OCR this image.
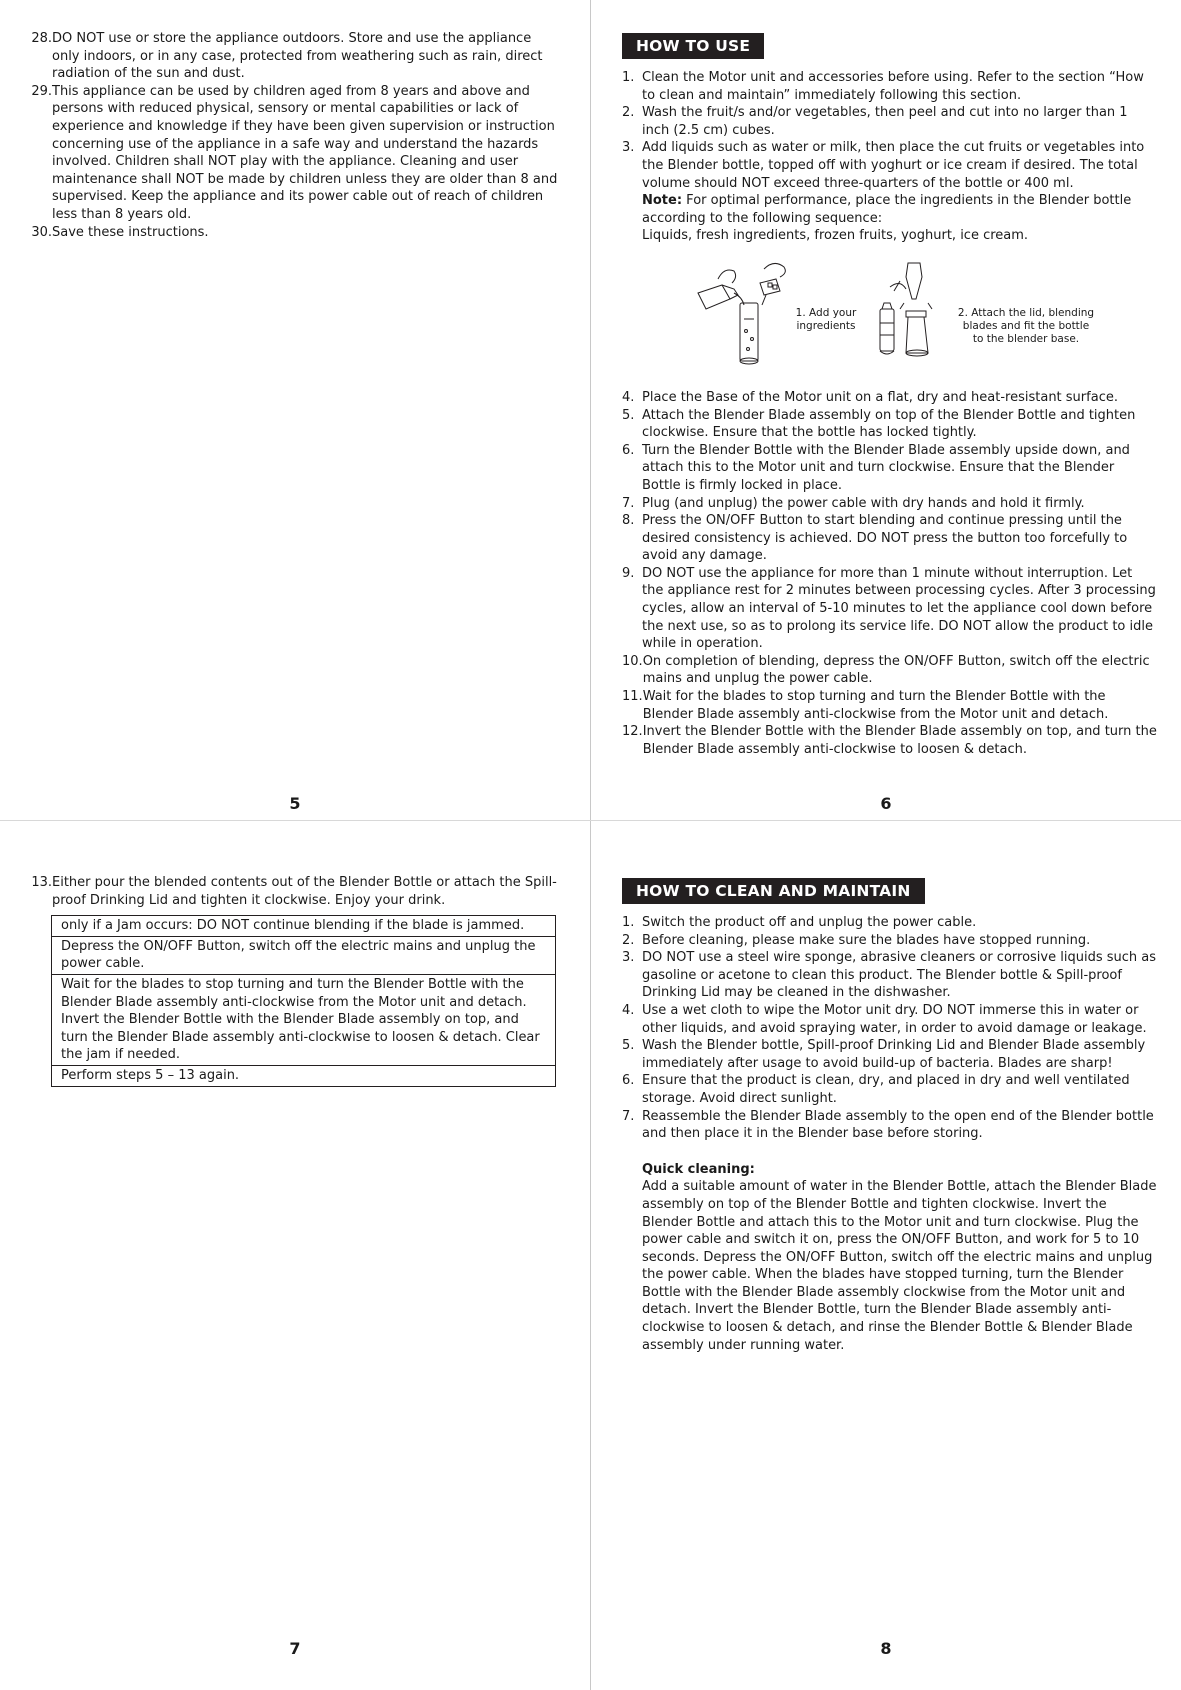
28. DO NOT use or store the appliance outdoors. Store and use the appliance only indoors, or in any case, protected from weathering such as rain, direct radiation of the sun and dust.
29. This appliance can be used by children aged from 8 years and above and persons with reduced physical, sensory or mental capabilities or lack of experience and knowledge if they have been given supervision or instruction concerning use of the appliance in a safe way and understand the hazards involved. Children shall NOT play with the appliance. Cleaning and user maintenance shall NOT be made by children unless they are older than 8 and supervised. Keep the appliance and its power cable out of reach of children less than 8 years old.
30. Save these instructions.
5
HOW TO USE
1. Clean the Motor unit and accessories before using. Refer to the section “How to clean and maintain” immediately following this section.
2. Wash the fruit/s and/or vegetables, then peel and cut into no larger than 1 inch (2.5 cm) cubes.
3. Add liquids such as water or milk, then place the cut fruits or vegetables into the Blender bottle, topped off with yoghurt or ice cream if desired. The total volume should NOT exceed three-quarters of the bottle or 400 ml.
Note: For optimal performance, place the ingredients in the Blender bottle according to the following sequence:
Liquids, fresh ingredients, frozen fruits, yoghurt, ice cream.
1. Add your ingredients
2. Attach the lid, blending blades and fit the bottle to the blender base.
4. Place the Base of the Motor unit on a flat, dry and heat-resistant surface.
5. Attach the Blender Blade assembly on top of the Blender Bottle and tighten clockwise. Ensure that the bottle has locked tightly.
6. Turn the Blender Bottle with the Blender Blade assembly upside down, and attach this to the Motor unit and turn clockwise. Ensure that the Blender Bottle is firmly locked in place.
7. Plug (and unplug) the power cable with dry hands and hold it firmly.
8. Press the ON/OFF Button to start blending and continue pressing until the desired consistency is achieved. DO NOT press the button too forcefully to avoid any damage.
9. DO NOT use the appliance for more than 1 minute without interruption. Let the appliance rest for 2 minutes between processing cycles. After 3 processing cycles, allow an interval of 5-10 minutes to let the appliance cool down before the next use, so as to prolong its service life. DO NOT allow the product to idle while in operation.
10. On completion of blending, depress the ON/OFF Button, switch off the electric mains and unplug the power cable.
11. Wait for the blades to stop turning and turn the Blender Bottle with the Blender Blade assembly anti-clockwise from the Motor unit and detach.
12. Invert the Blender Bottle with the Blender Blade assembly on top, and turn the Blender Blade assembly anti-clockwise to loosen & detach.
6
13. Either pour the blended contents out of the Blender Bottle or attach the Spill-proof Drinking Lid and tighten it clockwise. Enjoy your drink.
only if a Jam occurs: DO NOT continue blending if the blade is jammed.
Depress the ON/OFF Button, switch off the electric mains and unplug the power cable.
Wait for the blades to stop turning and turn the Blender Bottle with the Blender Blade assembly anti-clockwise from the Motor unit and detach. Invert the Blender Bottle with the Blender Blade assembly on top, and turn the Blender Blade assembly anti-clockwise to loosen & detach. Clear the jam if needed.
Perform steps 5 – 13 again.
7
HOW TO CLEAN AND MAINTAIN
1. Switch the product off and unplug the power cable.
2. Before cleaning, please make sure the blades have stopped running.
3. DO NOT use a steel wire sponge, abrasive cleaners or corrosive liquids such as gasoline or acetone to clean this product. The Blender bottle & Spill-proof Drinking Lid may be cleaned in the dishwasher.
4. Use a wet cloth to wipe the Motor unit dry. DO NOT immerse this in water or other liquids, and avoid spraying water, in order to avoid damage or leakage.
5. Wash the Blender bottle, Spill-proof Drinking Lid and Blender Blade assembly immediately after usage to avoid build-up of bacteria. Blades are sharp!
6. Ensure that the product is clean, dry, and placed in dry and well ventilated storage. Avoid direct sunlight.
7. Reassemble the Blender Blade assembly to the open end of the Blender bottle and then place it in the Blender base before storing.
Quick cleaning:
Add a suitable amount of water in the Blender Bottle, attach the Blender Blade assembly on top of the Blender Bottle and tighten clockwise. Invert the Blender Bottle and attach this to the Motor unit and turn clockwise. Plug the power cable and switch it on, press the ON/OFF Button, and work for 5 to 10 seconds. Depress the ON/OFF Button, switch off the electric mains and unplug the power cable. When the blades have stopped turning, turn the Blender Bottle with the Blender Blade assembly clockwise from the Motor unit and detach. Invert the Blender Bottle, turn the Blender Blade assembly anti-clockwise to loosen & detach, and rinse the Blender Bottle & Blender Blade assembly under running water.
8
